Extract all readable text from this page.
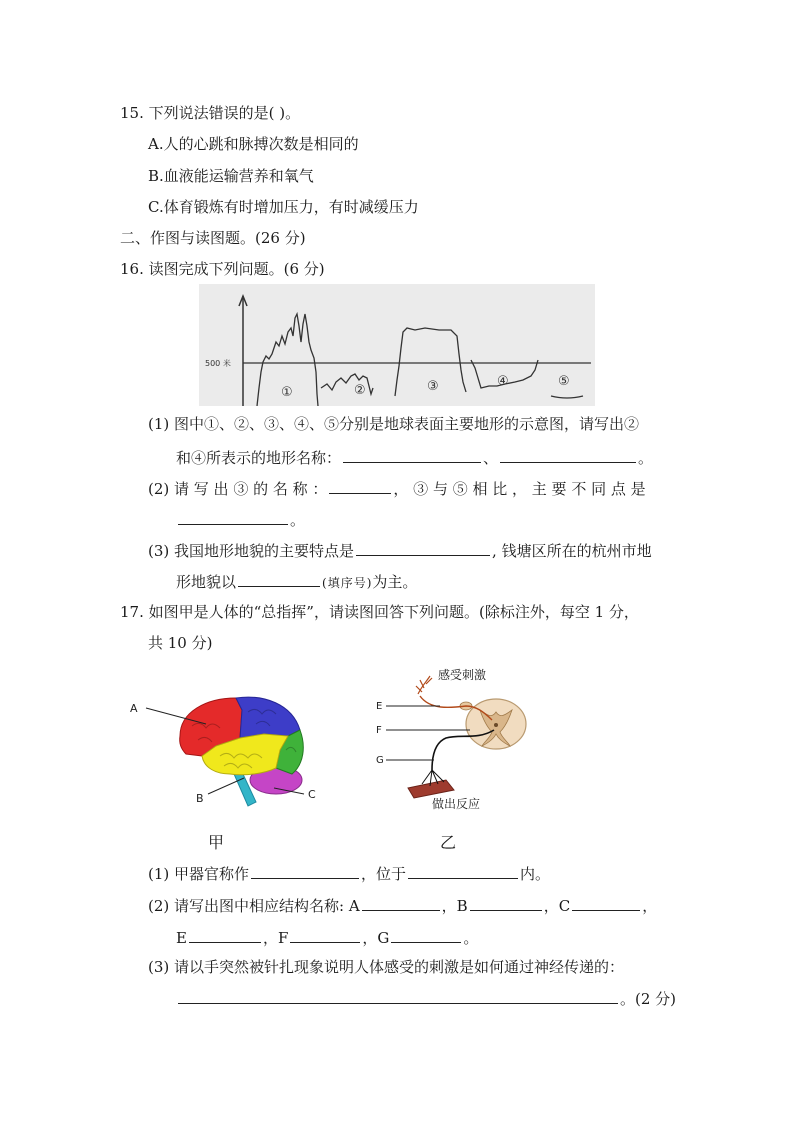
15. 下列说法错误的是( )。
A.人的心跳和脉搏次数是相同的
B.血液能运输营养和氧气
C.体育锻炼有时增加压力，有时减缓压力
二、作图与读图题。(26 分)
16. 读图完成下列问题。(6 分)
500 米
①	②	③	④	⑤
(1) 图中①、②、③、④、⑤分别是地球表面主要地形的示意图，请写出②
和④所表示的地形名称：	、	。
(2) 请 写 出 ③ 的 名 称 ：	， ③ 与 ⑤ 相 比 ， 主 要 不 同 点 是
。
(3) 我国地形地貌的主要特点是	, 钱塘区所在的杭州市地
形地貌以	(填序号)为主。
17. 如图甲是人体的“总指挥”，请读图回答下列问题。(除标注外，每空 1 分，
共 10 分)
A
B	C
E
F
G
感受刺激
做出反应
甲	乙
(1) 甲器官称作	，位于	内。
(2) 请写出图中相应结构名称: A	，B	，C	，
E	，F	，G	。
(3) 请以手突然被针扎现象说明人体感受的刺激是如何通过神经传递的：
。(2 分)
